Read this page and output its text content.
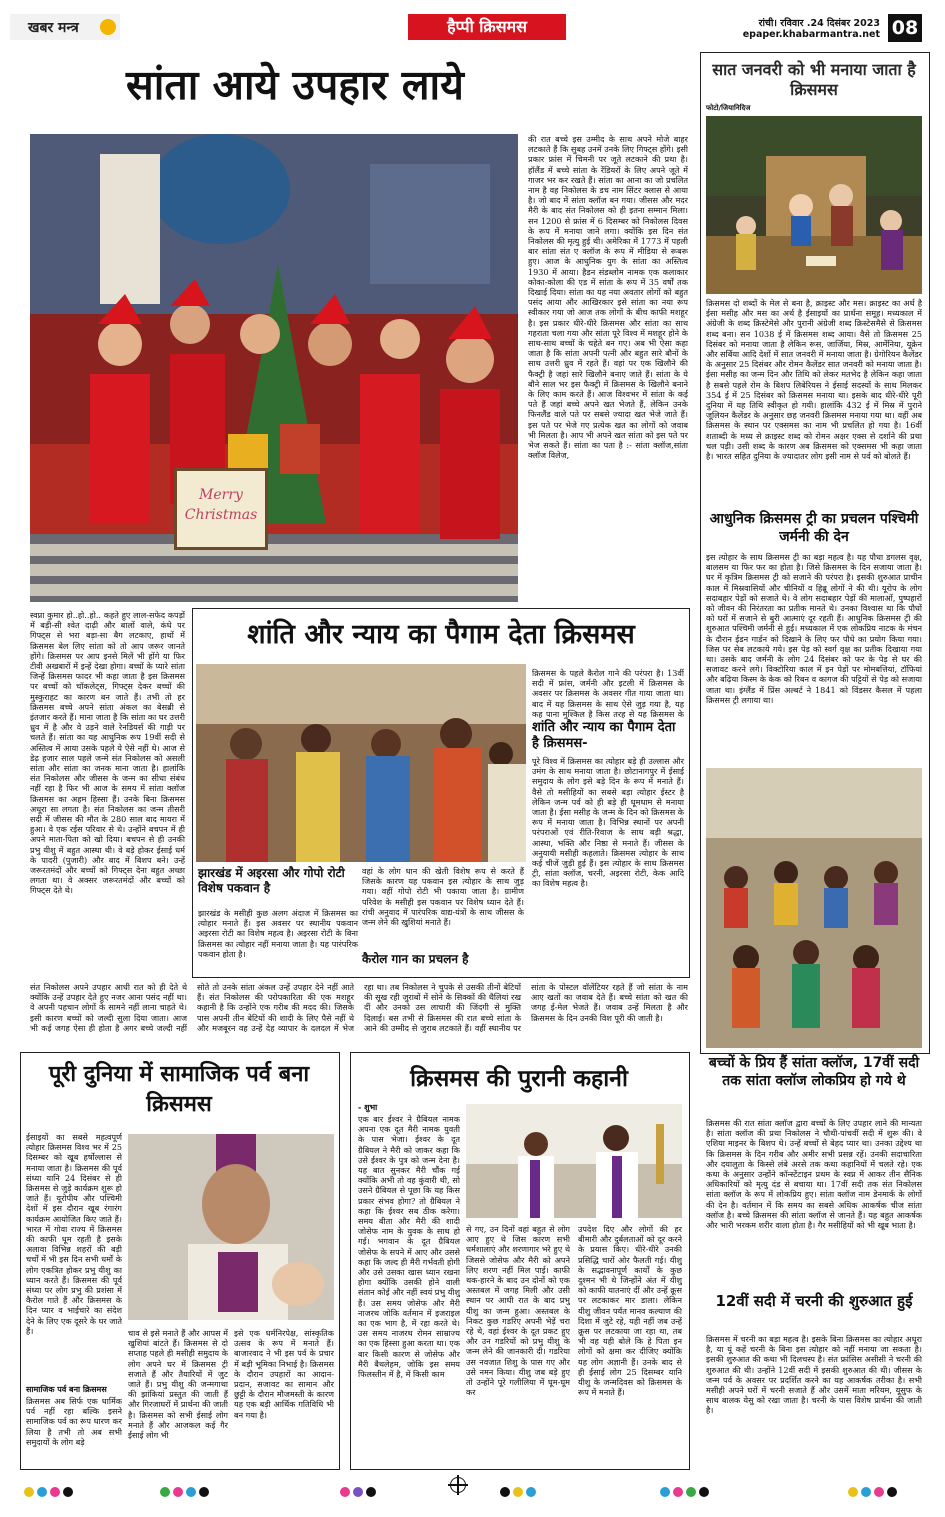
खबर मन्त्र	हैप्पी क्रिसमस	रांची। रविवार .24 दिसंबर 2023
epaper.khabarmantra.net 08
सांता आये उपहार लाये
Merry
Christmas
की रात बच्चे इस उम्मीद के साथ अपने मोजे बाहर लटकाते हैं कि सुबह उनमें उनके लिए गिफ्ट्स होंगे। इसी प्रकार फ्रांस में चिमनी पर जूते लटकाने की प्रथा है। हॉलैंड में बच्चे सांता के रेंडियरों के लिए अपने जूते में गाजर भर कर रखते हैं। सांता का आना का जो प्रचलित नाम है वह निकोलस के डच नाम सिंटर क्लास से आया है। जो बाद में सांता क्लॉज बन गया। जीसस और मदर मैरी के बाद संत निकोलस को ही इतना सम्मान मिला। सन 1200 से फ्रांस में 6 दिसम्बर को निकोलस दिवस के रूप में मनाया जाने लगा। क्योंकि इस दिन संत निकोलस की मृत्यु हुई थी। अमेरिका में 1773 में पहली बार सांता संत ए क्लॉज के रूप में मीडिया से रूबरू हुए। आज के आधुनिक युग के सांता का अस्तित्व 1930 में आया। हैडन संडब्लोम नामक एक कलाकार कोका-कोला की एड में सांता के रूप में 35 वर्षों तक दिखाई दिया। सांता का यह नया अवतार लोगों को बहुत पसंद आया और आखिरकार इसे सांता का नया रूप स्वीकार गया जो आज तक लोगों के बीच काफी मशहूर है। इस प्रकार धीरे-धीरे क्रिसमस और सांता का साथ गहराता चला गया और सांता पूरे विश्व में मशहूर होने के साथ-साथ बच्चों के चहेते बन गए। अब भी ऐसा कहा जाता है कि सांता अपनी पत्नी और बहुत सारे बौनों के साथ उत्तरी ध्रुव में रहते हैं। वहां पर एक खिलौने की फैक्ट्री है जहां सारे खिलौने बनाए जाते हैं। सांता के ये बौने साल भर इस फैक्ट्री में क्रिसमस के खिलौने बनाने के लिए काम करते हैं। आज विश्वभर में सांता के कई पते हैं जहां बच्चे अपने खत भेजते हैं, लेकिन उनके फिनलैंड वाले पते पर सबसे ज्यादा खत भेजे जाते हैं। इस पते पर भेजे गए प्रत्येक खत का लोगों को जवाब भी मिलता है। आप भी अपने खत सांता को इस पते पर भेज सकते हैं। सांता का पता है :- सांता क्लॉज,सांता क्लॉज विलेज,
स्वप्ना कुमार हो..हो..हो.. कहते हुए लाल-सफेद कपड़ों में बड़ी-सी श्वेत दाढ़ी और बालों वाले, कंधे पर गिफ्ट्स से भरा बड़ा-सा बैग लटकाए, हाथों में क्रिसमस बेल लिए सांता को तो आप जरूर जानते होंगे। क्रिसमस पर आप इनसे मिलें भी होंगे या फिर टीवी अखबारों में इन्हें देखा होगा। बच्चों के प्यारे सांता जिन्हें क्रिसमस फादर भी कहा जाता है इस क्रिसमस पर बच्चों को चॉकलेट्स, गिफ्ट्स देकर बच्चों की मुस्कुराहट का कारण बन जाते हैं। तभी तो हर क्रिसमस बच्चे अपने सांता अंकल का बेसब्री से इंतजार करते हैं। माना जाता है कि सांता का घर उत्तरी ध्रुव में है और वे उड़ने वाले रेनडियर्स की गाड़ी पर चलते हैं। सांता का यह आधुनिक रूप 19वीं सदी से अस्तित्व में आया उसके पहले ये ऐसे नहीं थे। आज से डेढ़ हजार साल पहले जन्मे संत निकोलस को असली सांता और सांता का जनक माना जाता है। हालांकि संत निकोलस और जीसस के जन्म का सीधा संबंध नहीं रहा है फिर भी आज के समय में सांता क्लॉज क्रिसमस का अहम हिस्सा हैं। उनके बिना क्रिसमस अधूरा सा लगता है। संत निकोलस का जन्म तीसरी सदी में जीसस की मौत के 280 साल बाद मायरा में हुआ। वे एक रईस परिवार से थे। उन्होंने बचपन में ही अपने माता-पिता को खो दिया। बचपन से ही उनकी प्रभु यीशु में बहुत आस्था थी। वे बड़े होकर ईसाई धर्म के पादरी (पुजारी) और बाद में बिशप बने। उन्हें जरूरतमंदों और बच्चों को गिफ्ट्स देना बहुत अच्छा लगता था। वे अक्सर जरूरतमंदों और बच्चों को गिफ्ट्स देते थे।
शांति और न्याय का पैगाम देता क्रिसमस
झारखंड में अइरसा और गोपो रोटी विशेष पकवान है
झारखंड के मसीही कुछ अलग अंदाज में क्रिसमस का त्योहार मनाते हैं। इस अवसर पर स्थानीय पकवान अइरसा रोटी का विशेष महत्व है। अइरसा रोटी के बिना क्रिसमस का त्योहार नहीं मनाया जाता है। यह पारंपरिक पकवान होता है।
वहां के लोग धान की खेती विशेष रूप से करते हैं जिसके कारण यह पकवान इस त्योहार के साथ जुड़ गया। वहीं गोपो रोटी भी पकाया जाता है। ग्रामीण परिवेश के मसीही इस पकवान पर विशेष ध्यान देते हैं। रांची अनुवाद में पारंपरिक वाद्य-यंत्रों के साथ जीसस के जन्म लेने की खुशियां मनाते हैं।
कैरोल गान का प्रचलन है
क्रिसमस के पहले कैरोल गाने की परंपरा है। 13वीं सदी में फ्रांस, जर्मनी और इटली में क्रिसमस के अवसर पर क्रिसमस के अवसर गीत गाया जाता था। बाद में यह क्रिसमस के साथ ऐसे जुड़ गया है, यह कह पाना मुश्किल है किस तरह से यह क्रिसमस के
शांति और न्याय का पैगाम देता है क्रिसमस-
पूरे विश्व में क्रिसमस का त्योहार बड़े ही उल्लास और उमंग के साथ मनाया जाता है। छोटानागपुर में ईसाई समुदाय के लोग इसे बड़े दिन के रूप में मनाते हैं। वैसे तो मसीहियों का सबसे बड़ा त्योहार ईस्टर है लेकिन जन्म पर्व को ही बड़े ही धूमधाम से मनाया जाता है। ईसा मसीह के जन्म के दिन को क्रिसमस के रूप में मनाया जाता है। विभिन्न स्थानों पर अपनी परंपराओं एवं रीति-रिवाज के साथ बड़ी श्रद्धा, आस्था, भक्ति और निष्ठा से मनाते हैं। जीसस के अनुयायी मसीही कहलाते। क्रिसमस त्योहार के साथ कई चीजें जुड़ी हुई हैं। इस त्योहार के साथ क्रिसमस ट्री, सांता क्लॉज, चरनी, अइरसा रोटी, केक आदि का विशेष महत्व है।
संत निकोलस अपने उपहार आधी रात को ही देते थे क्योंकि उन्हें उपहार देते हुए नजर आना पसंद नहीं था। वे अपनी पहचान लोगों के सामने नहीं लाना चाहते थे। इसी कारण बच्चों को जल्दी सुला दिया जाता। आज भी कई जगह ऐसा ही होता है अगर बच्चे जल्दी नहीं सोते तो उनके सांता अंकल उन्हें उपहार देने नहीं आते हैं। संत निकोलस की परोपकारिता की एक मशहूर कहानी है कि उन्होंने एक गरीब की मदद की। जिसके पास अपनी तीन बेटियों की शादी के लिए पैसे नहीं थे और मजबूरन वह उन्हें देह व्यापार के दलदल में भेज रहा था। तब निकोलस ने चुपके से उसकी तीनों बेटियों की सूख रही जुराबों में सोने के सिक्कों की थैलियां रख दीं और उनको उस लाचारी की जिंदगी से मुक्ति दिलाई। बस तभी से क्रिसमस की रात बच्चे सांता के आने की उम्मीद से जुराब लटकाते हैं। वहीं स्थानीय पर सांता के पोस्टल वॉलेंटियर रहते हैं जो सांता के नाम आए खतों का जवाब देते हैं। बच्चे सांता को खत की जगह ई-मेल भेजते हैं। जवाब उन्हें मिलता है और क्रिसमस के दिन उनकी विश पूरी की जाती है।
सात जनवरी को भी मनाया जाता है क्रिसमस
फोटो/जियानिदिज
क्रिसमस दो शब्दों के मेल से बना है, क्राइस्ट और मस। क्राइस्ट का अर्थ है ईसा मसीह और मस का अर्थ है ईसाइयों का प्रार्थना समूह। मध्यकाल में अंग्रेजी के शब्द क्रिस्टेमेसे और पुरानी अंग्रेजी शब्द क्रिस्टेसमैसे से क्रिसमस शब्द बना। सन 1038 ई में क्रिसमस शब्द आया। वैसे तो क्रिसमस 25 दिसंबर को मनाया जाता है लेकिन रूस, जार्जिया, मिस्र, आर्मेनिया, यूक्रेन और सर्बिया आदि देशों में सात जनवरी में मनाया जाता है। ग्रेगोरियन कैलेंडर के अनुसार 25 दिसंबर और रोमन कैलेंडर सात जनवरी को मनाया जाता है। ईसा मसीह का जन्म दिन और तिथि को लेकर मतभेद है लेकिन कहा जाता है सबसे पहले रोम के बिशप लिबेरियस ने ईसाई सदस्यों के साथ मिलकर 354 ई में 25 दिसंबर को क्रिसमस मनाया था। इसके बाद धीरे-धीरे पूरी दुनिया में यह तिथि स्वीकृत हो गयी। हालांकि 432 ई में मिस्र में पुराने जूलियन कैलेंडर के अनुसार छह जनवरी क्रिसमस मनाया गया था। वहीं अब क्रिसमस के स्थान पर एक्समस का नाम भी प्रचलित हो गया है। 16वीं शताब्दी के मध्य से क्राइस्ट शब्द को रोमन अक्षर एक्स से दर्शाने की प्रथा चल पड़ी। उसी शब्द के कारण अब क्रिसमस को एक्समस भी कहा जाता है। भारत सहित दुनिया के ज्यादातर लोग इसी नाम से पर्व को बोलते हैं।
आधुनिक क्रिसमस ट्री का प्रचलन पश्चिमी जर्मनी की देन
इस त्योहार के साथ क्रिसमस ट्री का बड़ा महत्व है। यह पौधा डगलस वृक्ष, बालसम या फिर फर का होता है। जिसे क्रिसमस के दिन सजाया जाता है। घर में कृत्रिम क्रिसमस ट्री को सजाने की परंपरा है। इसकी शुरुआत प्राचीन काल में मिस्रवासियों और चीनियों व हिब्रू लोगों ने की थी। यूरोप के लोग सदाबहार पेड़ों को सजाते थे। वे लोग सदाबहार पेड़ों की मालाओं, पुष्पहारों को जीवन की निरंतरता का प्रतीक मानते थे। उनका विश्वास था कि पौधों को घरों में सजाने से बुरी आत्माएं दूर रहती हैं। आधुनिक क्रिसमस ट्री की शुरुआत पश्चिमी जर्मनी से हुई। मध्यकाल में एक लोकप्रिय नाटक के मंचन के दौरान ईडन गार्डन को दिखाने के लिए फर पौधे का प्रयोग किया गया। जिस पर सेब लटकाये गये। इस पेड़ को स्वर्ग वृक्ष का प्रतीक दिखाया गया था। उसके बाद जर्मनी के लोग 24 दिसंबर को फर के पेड़ से घर की सजावट करने लगे। विक्टोरिया काल में इन पेड़ों पर मोमबत्तियां, टॉफियां और बढ़िया किस्म के केक को रिबन व कागज की पट्टियों से पेड़ को सजाया जाता था। इंग्लैंड में प्रिंस अल्बर्ट ने 1841 को विंडसर कैसल में पहला क्रिसमस ट्री लगाया था।
बच्चों के प्रिय हैं सांता क्लॉज, 17वीं सदी तक सांता क्लॉज लोकप्रिय हो गये थे
क्रिसमस की रात सांता क्लॉज द्वारा बच्चों के लिए उपहार लाने की मान्यता है। सांता क्लॉज की प्रथा निकोलस ने चौथी-पांचवीं सदी में शुरू की। वे एशिया माइनर के बिशप थे। उन्हें बच्चों से बेहद प्यार था। उनका उद्देश्य था कि क्रिसमस के दिन गरीब और अमीर सभी प्रसन्न रहें। उनकी सदाचारिता और दयालुता के किस्से लंबे अरसे तक कथा कहानियों में चलते रहे। एक कथा के अनुसार उन्होंने कॉन्स्टेंटाइन प्रथम के स्वप्न में आकर तीन सैनिक अधिकारियों को मृत्यु दंड से बचाया था। 17वीं सदी तक संत निकोलस सांता क्लॉज के रूप में लोकप्रिय हुए। सांता क्लॉज नाम डेनमार्क के लोगों की देन है। वर्तमान में कि समय का सबसे अधिक आकर्षक चीज सांता क्लॉज है। बच्चे क्रिसमस की सांता क्लॉज से जानते हैं। यह बहुत आकर्षक और भारी भरकम शरीर वाला होता है। गैर मसीहियों को भी खूब भाता है।
12वीं सदी में चरनी की शुरुआत हुई
क्रिसमस में चरनी का बड़ा महत्व है। इसके बिना क्रिसमस का त्योहार अधूरा है, या यूं कहें चरनी के बिना इस त्योहार को नहीं मनाया जा सकता है। इसकी शुरुआत की कथा भी दिलचस्प है। संत फ्रांसिस असीसी ने चरनी की शुरुआत की थी। उन्होंने 12वीं सदी में इसकी शुरुआत की थी। जीसस के जन्म पर्व के अवसर पर प्रदर्शित करने का यह आकर्षक तरीका है। सभी मसीही अपने घरों में चरनी सजाते हैं और उसमें माता मरियम, यूसुफ के साथ बालक येसु को रखा जाता है। चरनी के पास विशेष प्रार्थना की जाती है।
पूरी दुनिया में सामाजिक पर्व बना क्रिसमस
ईसाइयों का सबसे महत्वपूर्ण त्योहार क्रिसमस विश्व भर में 25 दिसम्बर को खूब हर्षोल्लास से मनाया जाता है। क्रिसमस की पूर्व संध्या यानि 24 दिसंबर से ही क्रिसमस से जुड़े कार्यक्रम शुरू हो जाते हैं। यूरोपीय और पश्चिमी देशों में इस दौरान खूब रंगारंग कार्यक्रम आयोजित किए जाते हैं। भारत में गोवा राज्य में क्रिसमस की काफी धूम रहती है इसके अलावा विभिन्न शहरों की बड़ी चर्चों में भी इस दिन सभी धर्मों के लोग एकत्रित होकर प्रभु यीशु का ध्यान करते हैं। क्रिसमस की पूर्व संध्या पर लोग प्रभु की प्रशंसा में कैरोल गाते हैं और क्रिसमस के दिन प्यार व भाईचारे का संदेश देने के लिए एक दूसरे के घर जाते हैं।
सामाजिक पर्व बना क्रिसमस
क्रिसमस अब सिर्फ एक धार्मिक पर्व नहीं रहा बल्कि इसने सामाजिक पर्व का रूप धारण कर लिया है तभी तो अब सभी समुदायों के लोग बड़े
चाव से इसे मनाते हैं और आपस में खुशियां बांटते हैं। क्रिसमस से दो सप्ताह पहले ही मसीही समुदाय के लोग अपने घर में क्रिसमस ट्री सजाते हैं और तैयारियों में जुट जाते हैं। प्रभु यीशु की जन्मगाथा की झांकियां प्रस्तुत की जाती हैं और गिरजाघरों में प्रार्थना की जाती है। क्रिसमस को सभी ईसाई लोग मनाते हैं और आजकल कई गैर ईसाई लोग भी
इसे एक धर्मनिरपेक्ष, सांस्कृतिक उत्सव के रूप में मनाते हैं। बाजारवाद ने भी इस पर्व के प्रचार में बड़ी भूमिका निभाई है। क्रिसमस के दौरान उपहारों का आदान-प्रदान, सजावट का सामान और छुट्टी के दौरान मौजमस्ती के कारण यह एक बड़ी आर्थिक गतिविधि भी बन गया है।
क्रिसमस की पुरानी कहानी
- शुभा
एक बार ईश्वर ने ग्रैबियल नामक अपना एक दूत मैरी नामक युवती के पास भेजा। ईश्वर के दूत ग्रैबियल ने मैरी को जाकर कहा कि उसे ईश्वर के पुत्र को जन्म देना है। यह बात सुनकर मैरी चौंक गई क्योंकि अभी तो वह कुंवारी थी, सो उसने ग्रैबियल से पूछा कि यह किस प्रकार संभव होगा? तो ग्रैबियल ने कहा कि ईश्वर सब ठीक करेगा। समय बीता और मैरी की शादी जोसेफ नाम के युवक के साथ हो गई। भगवान के दूत ग्रैबियल जोसेफ के सपने में आए और उससे कहा कि जल्द ही मैरी गर्भवती होगी और उसे उसका खास ध्यान रखना होगा क्योंकि उसकी होने वाली संतान कोई और नहीं स्वयं प्रभु यीशु हैं। उस समय जोसेफ और मैरी नाजरथ जोकि वर्तमान में इजराइल का एक भाग है, में रहा करते थे। उस समय नाजरथ रोमन साम्राज्य का एक हिस्सा हुआ करता था। एक बार किसी कारण से जोसेफ और मैरी बैथलेहम, जोकि इस समय फिलस्तीन में है, में किसी काम
से गए, उन दिनों वहां बहुत से लोग आए हुए थे जिस कारण सभी धर्मशालाएं और शरणागार भरे हुए थे जिससे जोसेफ और मैरी को अपने लिए शरण नहीं मिल पाई। काफी थक-हारने के बाद उन दोनों को एक अस्तबल में जगह मिली और उसी स्थान पर आधी रात के बाद प्रभु यीशु का जन्म हुआ। अस्तबल के निकट कुछ गडरिए अपनी भेड़ें चरा रहे थे, वहां ईश्वर के दूत प्रकट हुए और उन गडरियों को प्रभु यीशु के जन्म लेने की जानकारी दी। गडरिया उस नवजात शिशु के पास गए और उसे नमन किया। यीशु जब बड़े हुए तो उन्होंने पूरे गलीलिया में घूम-घूम कर
उपदेश दिए और लोगों की हर बीमारी और दुर्बलताओं को दूर करने के प्रयास किए। धीरे-धीरे उनकी प्रसिद्धि चारों ओर फैलती गई। यीशु के सद्भावनापूर्ण कार्यों के कुछ दुश्मन भी थे जिन्होंने अंत में यीशु को काफी यातनाएं दीं और उन्हें क्रूस पर लटकाकर मार डाला। लेकिन यीशु जीवन पर्यंत मानव कल्याण की दिशा में जुटे रहे, यही नहीं जब उन्हें क्रूस पर लटकाया जा रहा था, तब भी वह यही बोले कि हे पिता इन लोगों को क्षमा कर दीजिए क्योंकि यह लोग अज्ञानी हैं। उनके बाद से ही ईसाई लोग 25 दिसम्बर यानि यीशु के जन्मदिवस को क्रिसमस के रूप में मनाते हैं।
